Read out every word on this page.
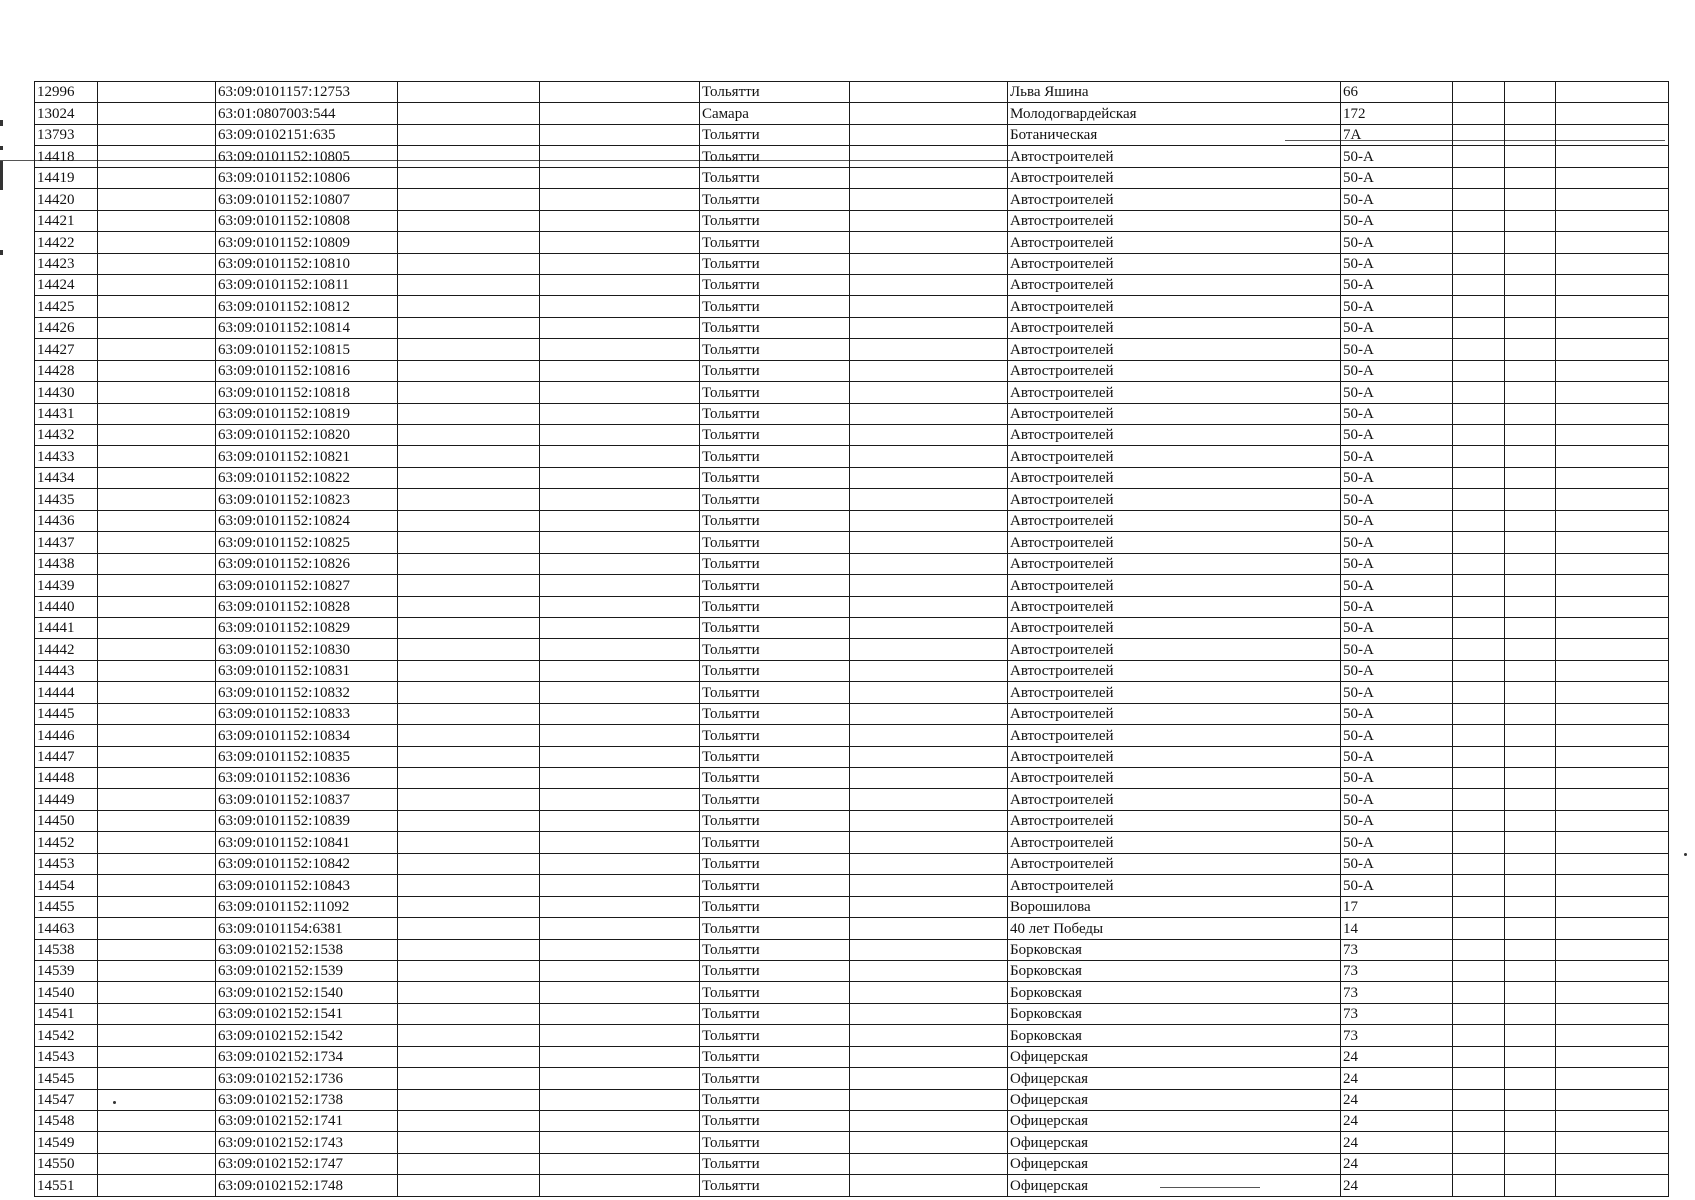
12996		63:09:0101157:12753			Тольятти		Льва Яшина	66			
13024		63:01:0807003:544			Самара		Молодогвардейская	172			
13793		63:09:0102151:635			Тольятти		Ботаническая	7А			
14418		63:09:0101152:10805			Тольятти		Автостроителей	50-А			
14419		63:09:0101152:10806			Тольятти		Автостроителей	50-А			
14420		63:09:0101152:10807			Тольятти		Автостроителей	50-А			
14421		63:09:0101152:10808			Тольятти		Автостроителей	50-А			
14422		63:09:0101152:10809			Тольятти		Автостроителей	50-А			
14423		63:09:0101152:10810			Тольятти		Автостроителей	50-А			
14424		63:09:0101152:10811			Тольятти		Автостроителей	50-А			
14425		63:09:0101152:10812			Тольятти		Автостроителей	50-А			
14426		63:09:0101152:10814			Тольятти		Автостроителей	50-А			
14427		63:09:0101152:10815			Тольятти		Автостроителей	50-А			
14428		63:09:0101152:10816			Тольятти		Автостроителей	50-А			
14430		63:09:0101152:10818			Тольятти		Автостроителей	50-А			
14431		63:09:0101152:10819			Тольятти		Автостроителей	50-А			
14432		63:09:0101152:10820			Тольятти		Автостроителей	50-А			
14433		63:09:0101152:10821			Тольятти		Автостроителей	50-А			
14434		63:09:0101152:10822			Тольятти		Автостроителей	50-А			
14435		63:09:0101152:10823			Тольятти		Автостроителей	50-А			
14436		63:09:0101152:10824			Тольятти		Автостроителей	50-А			
14437		63:09:0101152:10825			Тольятти		Автостроителей	50-А			
14438		63:09:0101152:10826			Тольятти		Автостроителей	50-А			
14439		63:09:0101152:10827			Тольятти		Автостроителей	50-А			
14440		63:09:0101152:10828			Тольятти		Автостроителей	50-А			
14441		63:09:0101152:10829			Тольятти		Автостроителей	50-А			
14442		63:09:0101152:10830			Тольятти		Автостроителей	50-А			
14443		63:09:0101152:10831			Тольятти		Автостроителей	50-А			
14444		63:09:0101152:10832			Тольятти		Автостроителей	50-А			
14445		63:09:0101152:10833			Тольятти		Автостроителей	50-А			
14446		63:09:0101152:10834			Тольятти		Автостроителей	50-А			
14447		63:09:0101152:10835			Тольятти		Автостроителей	50-А			
14448		63:09:0101152:10836			Тольятти		Автостроителей	50-А			
14449		63:09:0101152:10837			Тольятти		Автостроителей	50-А			
14450		63:09:0101152:10839			Тольятти		Автостроителей	50-А			
14452		63:09:0101152:10841			Тольятти		Автостроителей	50-А			
14453		63:09:0101152:10842			Тольятти		Автостроителей	50-А			
14454		63:09:0101152:10843			Тольятти		Автостроителей	50-А			
14455		63:09:0101152:11092			Тольятти		Ворошилова	17			
14463		63:09:0101154:6381			Тольятти		40 лет Победы	14			
14538		63:09:0102152:1538			Тольятти		Борковская	73			
14539		63:09:0102152:1539			Тольятти		Борковская	73			
14540		63:09:0102152:1540			Тольятти		Борковская	73			
14541		63:09:0102152:1541			Тольятти		Борковская	73			
14542		63:09:0102152:1542			Тольятти		Борковская	73			
14543		63:09:0102152:1734			Тольятти		Офицерская	24			
14545		63:09:0102152:1736			Тольятти		Офицерская	24			
14547		63:09:0102152:1738			Тольятти		Офицерская	24			
14548		63:09:0102152:1741			Тольятти		Офицерская	24			
14549		63:09:0102152:1743			Тольятти		Офицерская	24			
14550		63:09:0102152:1747			Тольятти		Офицерская	24			
14551		63:09:0102152:1748			Тольятти		Офицерская	24			
